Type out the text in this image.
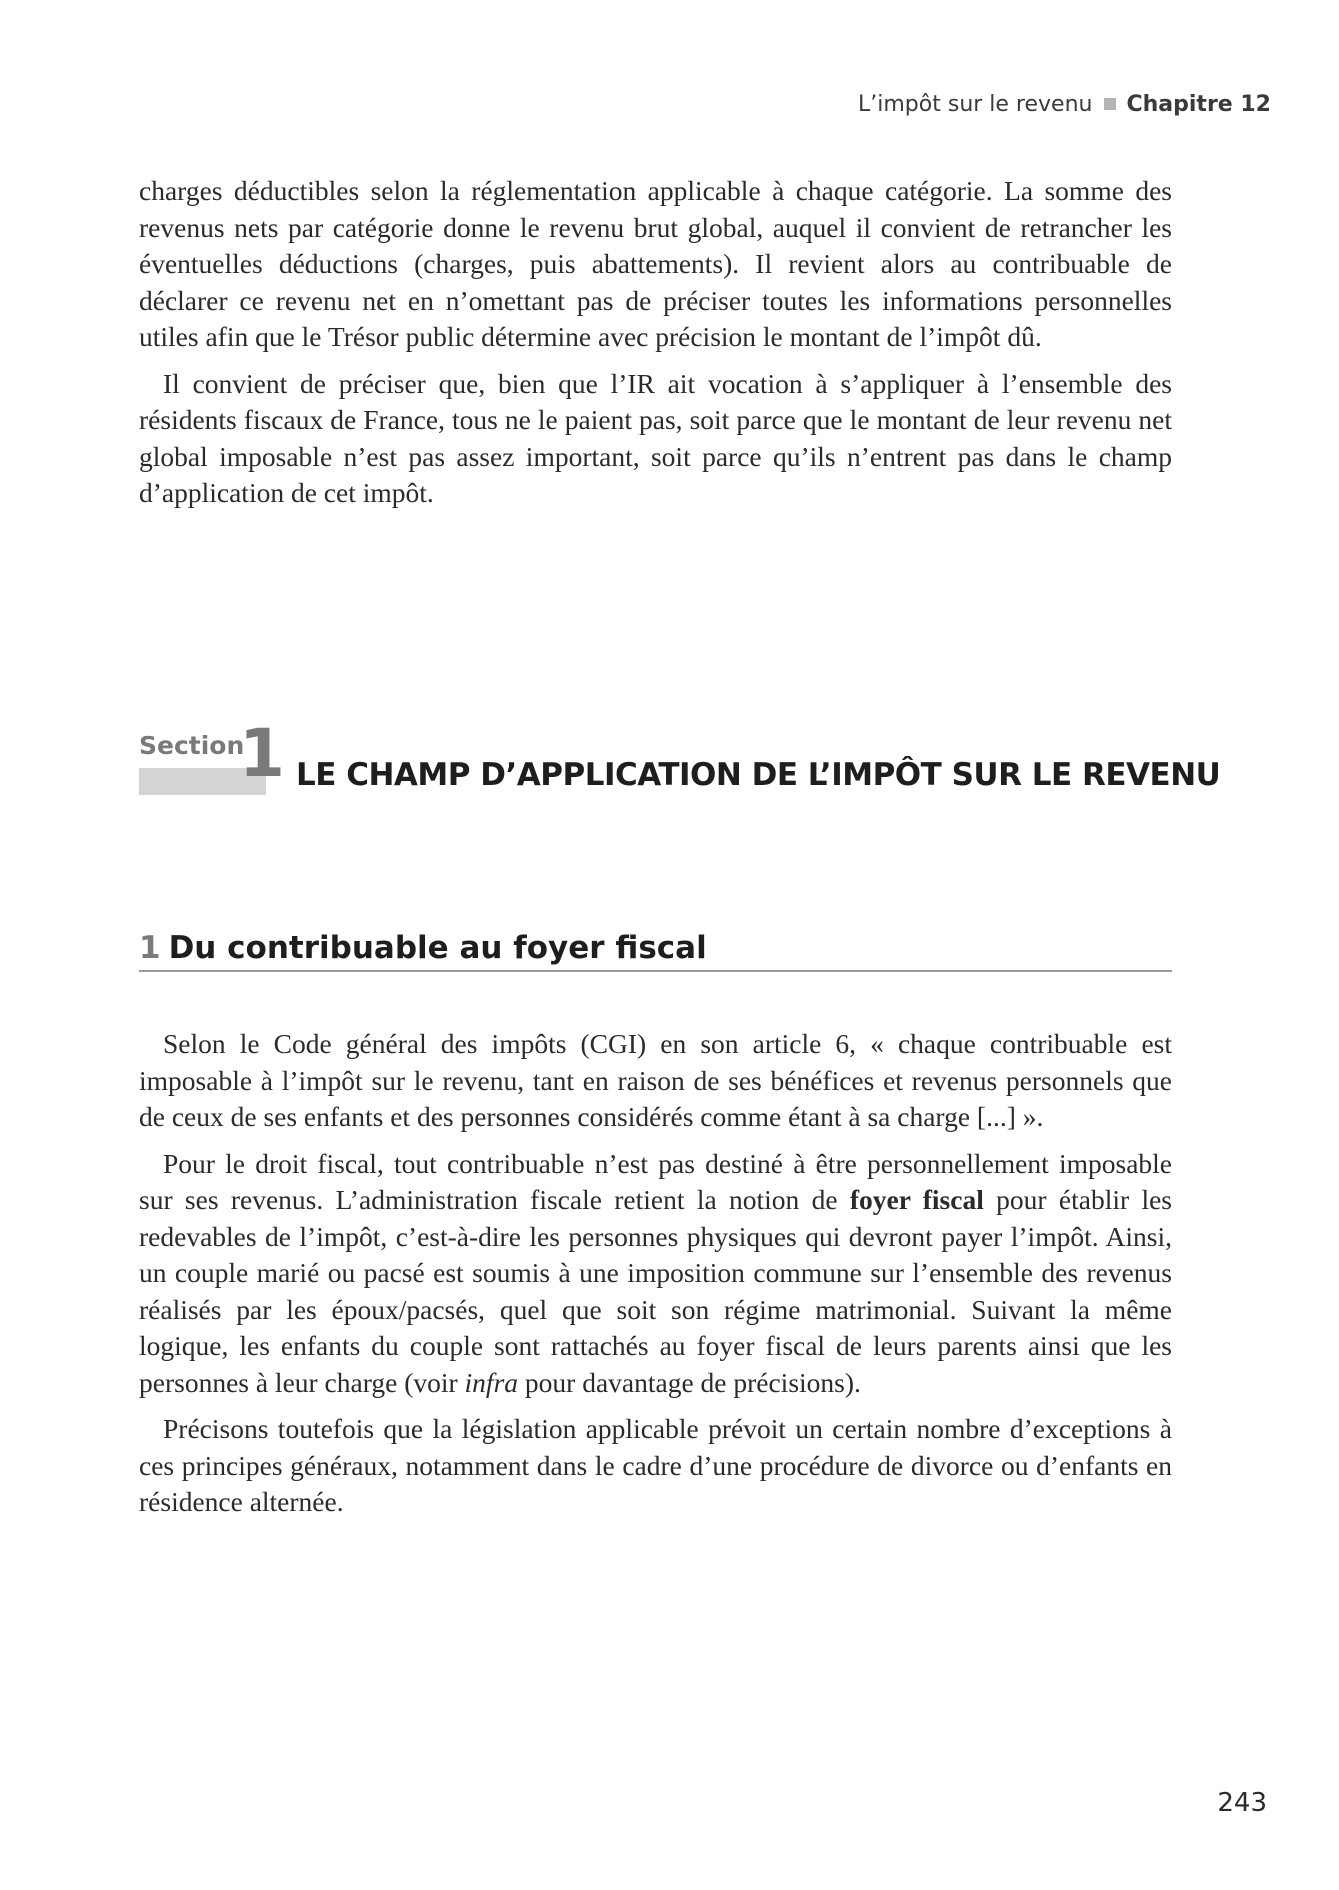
L’impôt sur le revenu Chapitre 12

charges déductibles selon la réglementation applicable à chaque catégorie. La somme des revenus nets par catégorie donne le revenu brut global, auquel il convient de retrancher les éventuelles déductions (charges, puis abattements). Il revient alors au contribuable de déclarer ce revenu net en n’omettant pas de préciser toutes les informations personnelles utiles afin que le Trésor public détermine avec précision le montant de l’impôt dû.

Il convient de préciser que, bien que l’IR ait vocation à s’appliquer à l’ensemble des résidents fiscaux de France, tous ne le paient pas, soit parce que le montant de leur revenu net global imposable n’est pas assez important, soit parce qu’ils n’entrent pas dans le champ d’application de cet impôt.

Section
1 LE CHAMP D’APPLICATION DE L’IMPÔT SUR LE REVENU
1 Du contribuable au foyer fiscal

Selon le Code général des impôts (CGI) en son article 6, « chaque contribuable est imposable à l’impôt sur le revenu, tant en raison de ses bénéfices et revenus personnels que de ceux de ses enfants et des personnes considérés comme étant à sa charge [...] ».

Pour le droit fiscal, tout contribuable n’est pas destiné à être personnellement imposable sur ses revenus. L’administration fiscale retient la notion de foyer fiscal pour établir les redevables de l’impôt, c’est-à-dire les personnes physiques qui devront payer l’impôt. Ainsi, un couple marié ou pacsé est soumis à une imposition commune sur l’ensemble des revenus réalisés par les époux/pacsés, quel que soit son régime matrimonial. Suivant la même logique, les enfants du couple sont rattachés au foyer fiscal de leurs parents ainsi que les personnes à leur charge (voir infra pour davantage de précisions).

Précisons toutefois que la législation applicable prévoit un certain nombre d’exceptions à ces principes généraux, notamment dans le cadre d’une procédure de divorce ou d’enfants en résidence alternée.

243
